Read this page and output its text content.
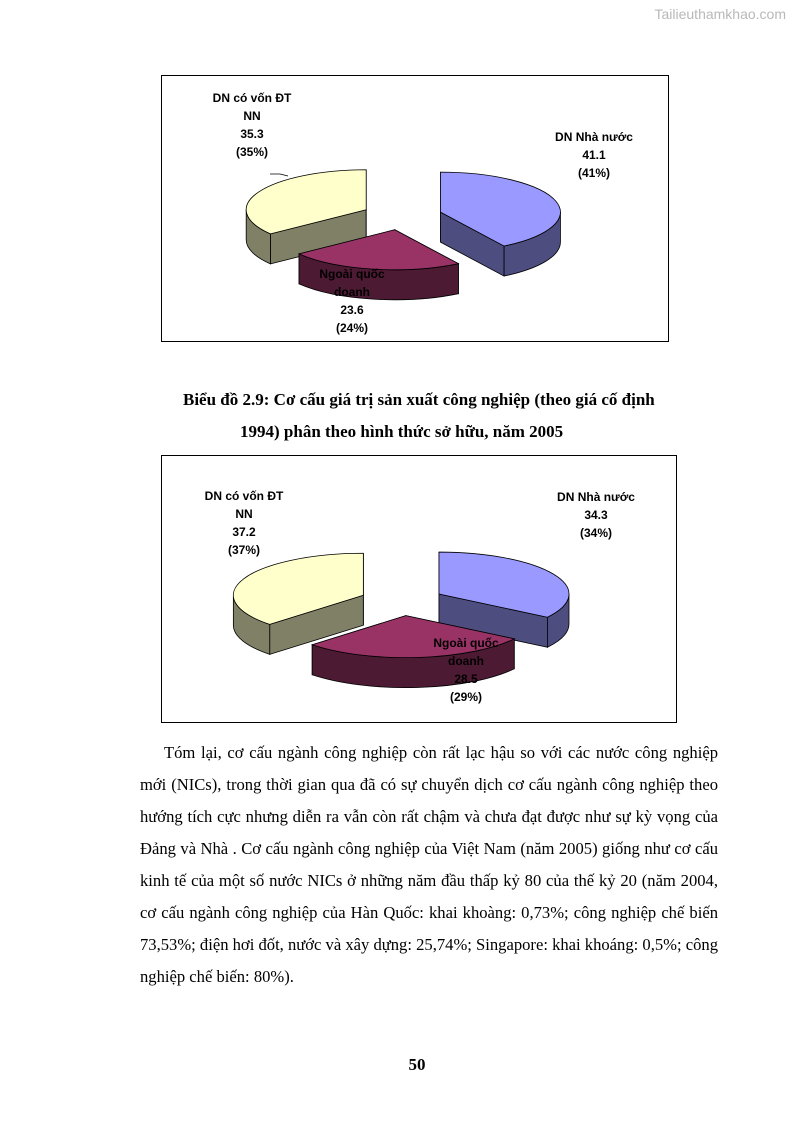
Tailieuthamkhao.com
DN Nhà nước
41.1
(41%)
Ngoài quốc
doanh
23.6
(24%)
DN có vốn ĐT
NN
35.3
(35%)
Biểu đồ 2.9: Cơ cấu giá trị sản xuất công nghiệp (theo giá cố định
1994) phân theo hình thức sở hữu, năm 2005
DN Nhà nước
34.3
(34%)
Ngoài quốc
doanh
28.5
(29%)
DN có vốn ĐT
NN
37.2
(37%)

Tóm lại, cơ cấu ngành công nghiệp còn rất lạc hậu so với các nước công nghiệp mới (NICs), trong thời gian qua đã có sự chuyển dịch cơ cấu ngành công nghiệp theo hướng tích cực nhưng diễn ra vẫn còn rất chậm và chưa đạt được như sự kỳ vọng của Đảng và Nhà . Cơ cấu ngành công nghiệp của Việt Nam (năm 2005) giống như cơ cấu kinh tế của một số nước NICs ở những năm đầu thấp kỷ 80 của thế kỷ 20 (năm 2004, cơ cấu ngành công nghiệp của Hàn Quốc: khai khoàng: 0,73%; công nghiệp chế biến 73,53%; điện hơi đốt, nước và xây dựng: 25,74%; Singapore: khai khoáng: 0,5%; công nghiệp chế biến: 80%).

50
